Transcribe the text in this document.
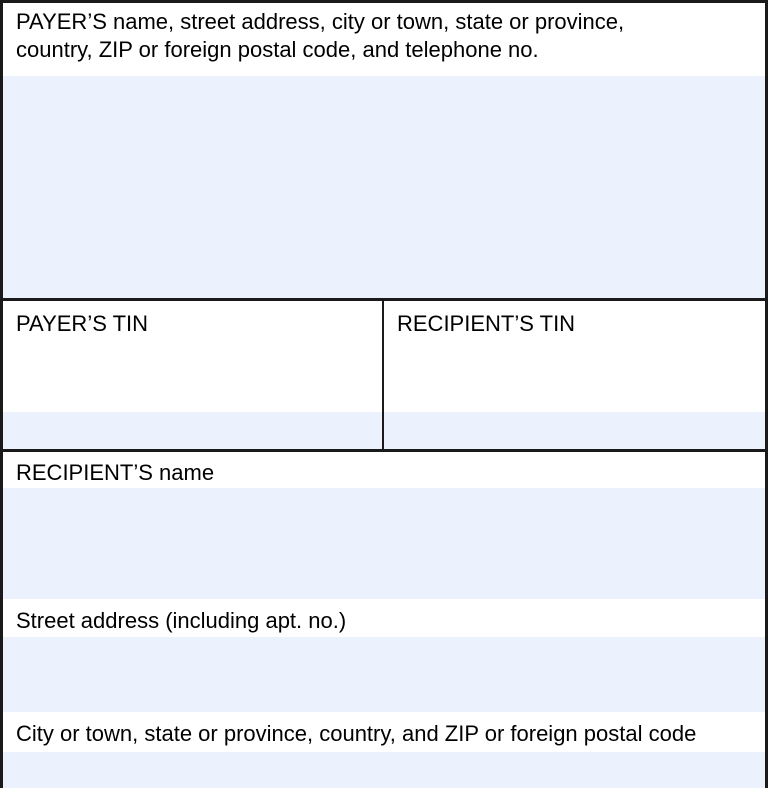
PAYER’S name, street address, city or town, state or province,
country, ZIP or foreign postal code, and telephone no.
PAYER’S TIN	RECIPIENT’S TIN
RECIPIENT’S name
Street address (including apt. no.)
City or town, state or province, country, and ZIP or foreign postal code
